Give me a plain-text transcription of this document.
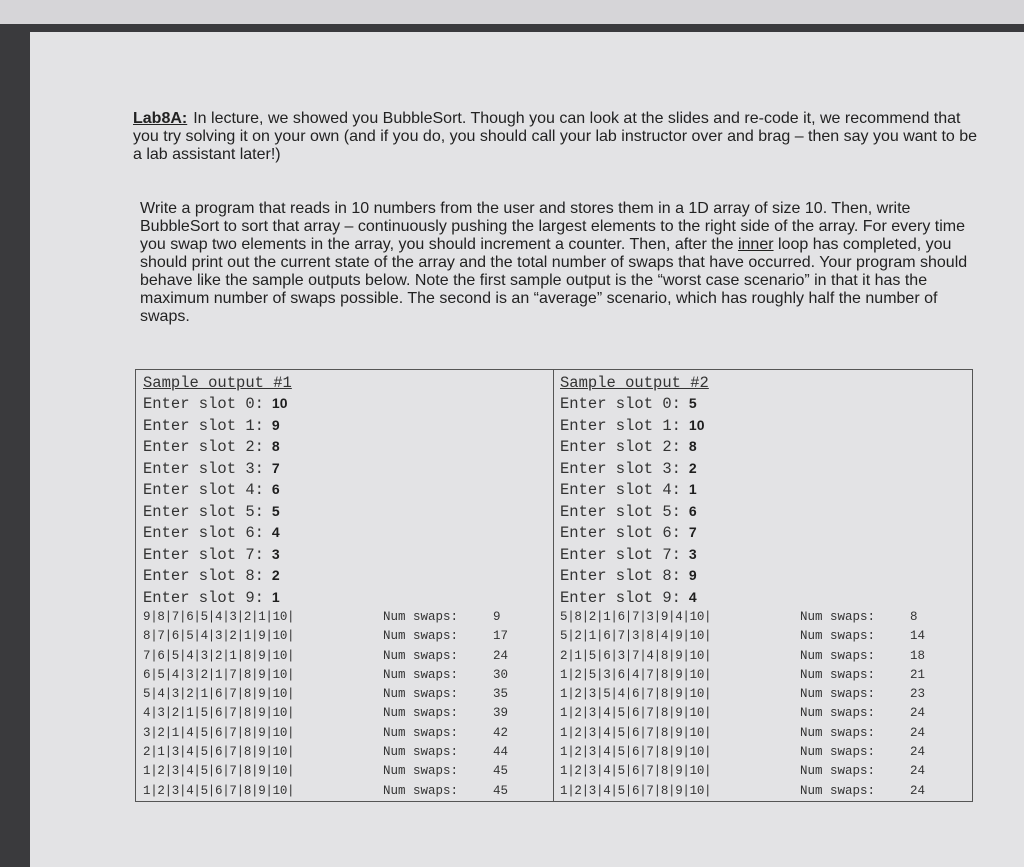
Lab8A: In lecture, we showed you BubbleSort. Though you can look at the slides and re-code it, we recommend that you try solving it on your own (and if you do, you should call your lab instructor over and brag – then say you want to be a lab assistant later!)

Write a program that reads in 10 numbers from the user and stores them in a 1D array of size 10. Then, write BubbleSort to sort that array – continuously pushing the largest elements to the right side of the array. For every time you swap two elements in the array, you should increment a counter. Then, after the inner loop has completed, you should print out the current state of the array and the total number of swaps that have occurred. Your program should behave like the sample outputs below. Note the first sample output is the “worst case scenario” in that it has the maximum number of swaps possible. The second is an “average” scenario, which has roughly half the number of swaps.

Sample output #1
Enter slot 0: 10
Enter slot 1: 9
Enter slot 2: 8
Enter slot 3: 7
Enter slot 4: 6
Enter slot 5: 5
Enter slot 6: 4
Enter slot 7: 3
Enter slot 8: 2
Enter slot 9: 1
9|8|7|6|5|4|3|2|1|10|	Num swaps:	9
8|7|6|5|4|3|2|1|9|10|	Num swaps:	17
7|6|5|4|3|2|1|8|9|10|	Num swaps:	24
6|5|4|3|2|1|7|8|9|10|	Num swaps:	30
5|4|3|2|1|6|7|8|9|10|	Num swaps:	35
4|3|2|1|5|6|7|8|9|10|	Num swaps:	39
3|2|1|4|5|6|7|8|9|10|	Num swaps:	42
2|1|3|4|5|6|7|8|9|10|	Num swaps:	44
1|2|3|4|5|6|7|8|9|10|	Num swaps:	45
1|2|3|4|5|6|7|8|9|10|	Num swaps:	45
Sample output #2
Enter slot 0: 5
Enter slot 1: 10
Enter slot 2: 8
Enter slot 3: 2
Enter slot 4: 1
Enter slot 5: 6
Enter slot 6: 7
Enter slot 7: 3
Enter slot 8: 9
Enter slot 9: 4
5|8|2|1|6|7|3|9|4|10|	Num swaps:	8
5|2|1|6|7|3|8|4|9|10|	Num swaps:	14
2|1|5|6|3|7|4|8|9|10|	Num swaps:	18
1|2|5|3|6|4|7|8|9|10|	Num swaps:	21
1|2|3|5|4|6|7|8|9|10|	Num swaps:	23
1|2|3|4|5|6|7|8|9|10|	Num swaps:	24
1|2|3|4|5|6|7|8|9|10|	Num swaps:	24
1|2|3|4|5|6|7|8|9|10|	Num swaps:	24
1|2|3|4|5|6|7|8|9|10|	Num swaps:	24
1|2|3|4|5|6|7|8|9|10|	Num swaps:	24
